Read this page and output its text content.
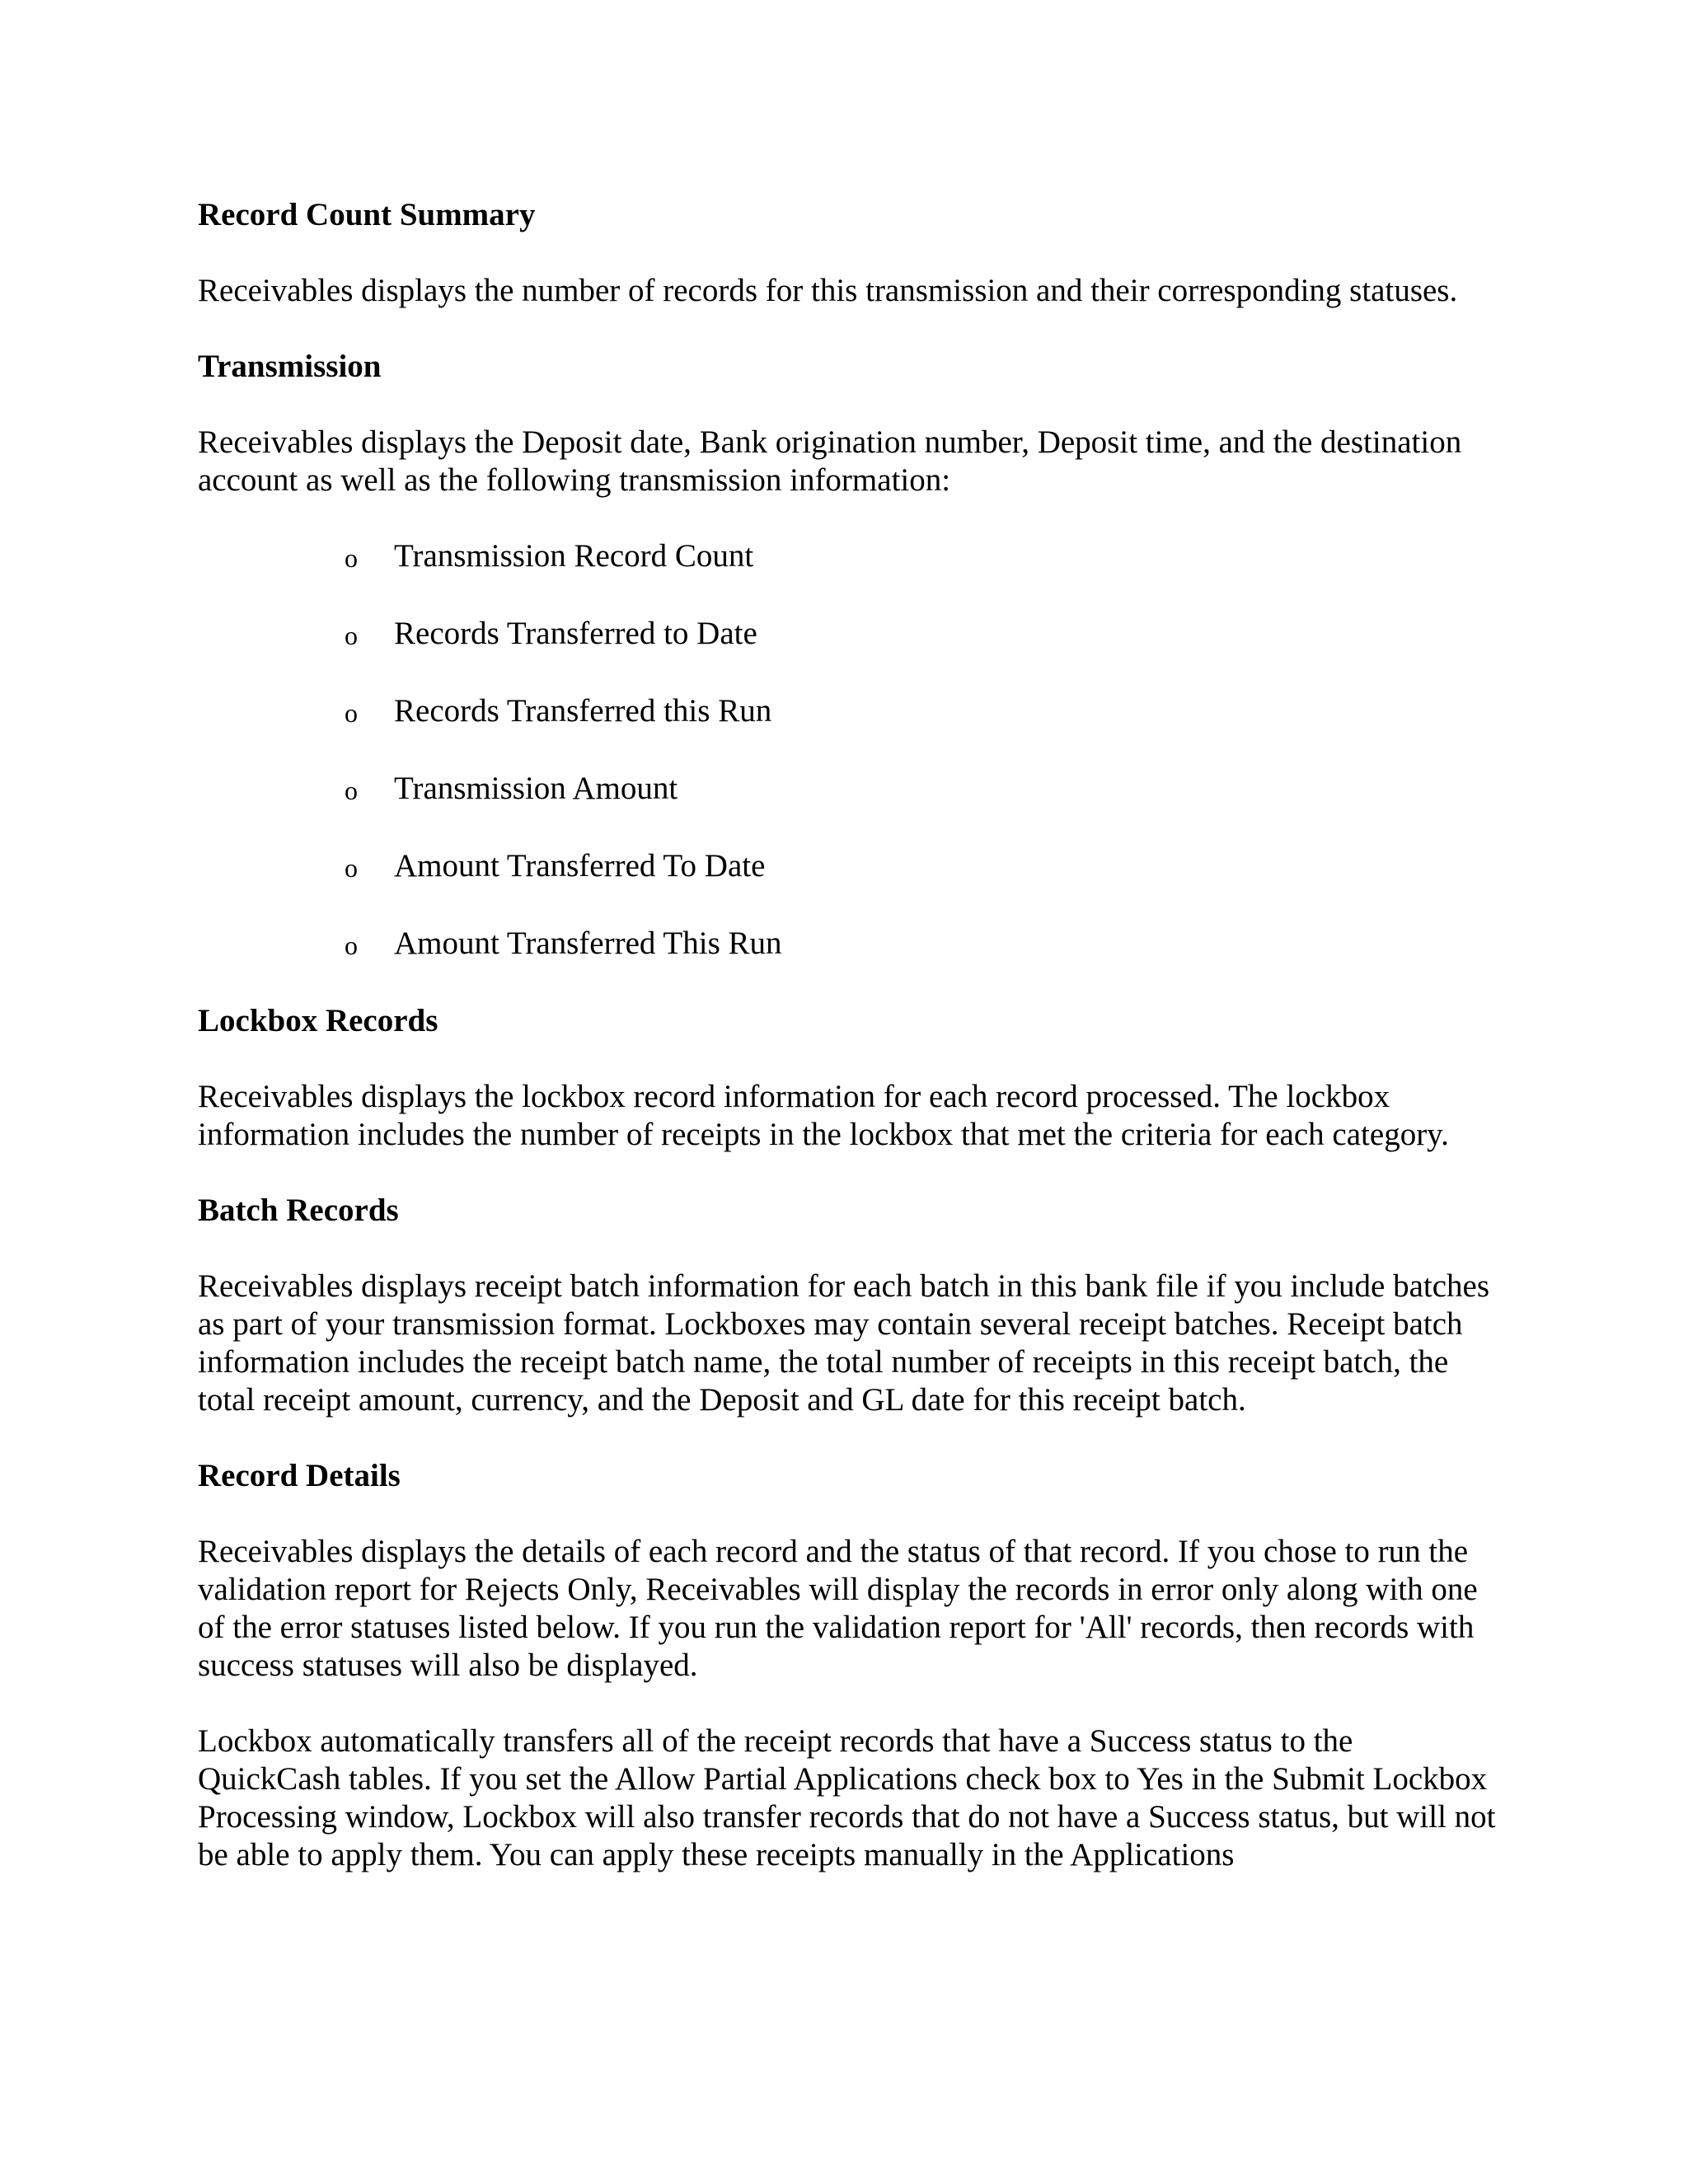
Record Count Summary

Receivables displays the number of records for this transmission and their corresponding statuses.

Transmission

Receivables displays the Deposit date, Bank origination number, Deposit time, and the destination account as well as the following transmission information:

o Transmission Record Count
o Records Transferred to Date
o Records Transferred this Run
o Transmission Amount
o Amount Transferred To Date
o Amount Transferred This Run
Lockbox Records

Receivables displays the lockbox record information for each record processed. The lockbox information includes the number of receipts in the lockbox that met the criteria for each category.

Batch Records

Receivables displays receipt batch information for each batch in this bank file if you include batches as part of your transmission format. Lockboxes may contain several receipt batches. Receipt batch information includes the receipt batch name, the total number of receipts in this receipt batch, the total receipt amount, currency, and the Deposit and GL date for this receipt batch.

Record Details

Receivables displays the details of each record and the status of that record. If you chose to run the validation report for Rejects Only, Receivables will display the records in error only along with one of the error statuses listed below. If you run the validation report for 'All' records, then records with success statuses will also be displayed.

Lockbox automatically transfers all of the receipt records that have a Success status to the QuickCash tables. If you set the Allow Partial Applications check box to Yes in the Submit Lockbox Processing window, Lockbox will also transfer records that do not have a Success status, but will not be able to apply them. You can apply these receipts manually in the Applications
